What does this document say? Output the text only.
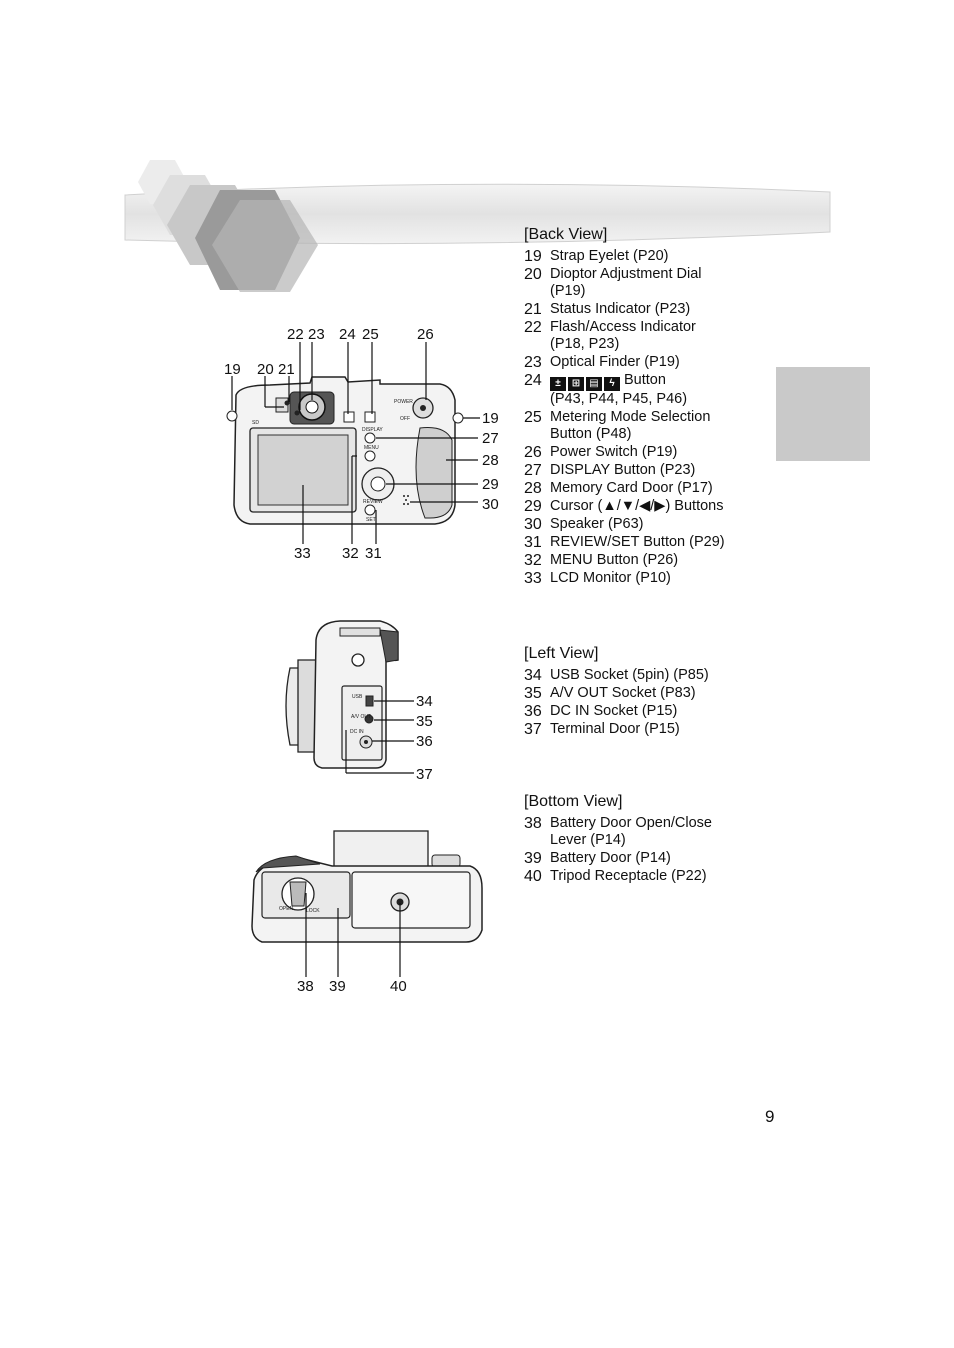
19 20 21
22 23 24 25	26
19
27
28
29
30
33 32 31
SD
POWER
OFF
DISPLAY
MENU
REVIEW
SET
34
35
36
37
USB
A/V OUT
DC IN
38 39	40
OPEN	LOCK
[Back View]
19 Strap Eyelet (P20)
20 Dioptor Adjustment Dial
(P19)
21 Status Indicator (P23)
22 Flash/Access Indicator
(P18, P23)
23 Optical Finder (P19)
24	±	⊞ ▤	ϟ Button
(P43, P44, P45, P46)
25 Metering Mode Selection
Button (P48)
26 Power Switch (P19)
27 DISPLAY Button (P23)
28 Memory Card Door (P17)
29 Cursor (▲/▼/◀/▶) Buttons
30 Speaker (P63)
31 REVIEW/SET Button (P29)
32 MENU Button (P26)
33 LCD Monitor (P10)
[Left View]
34 USB Socket (5pin) (P85)
35 A/V OUT Socket (P83)
36 DC IN Socket (P15)
37 Terminal Door (P15)
[Bottom View]
38 Battery Door Open/Close
Lever (P14)
39 Battery Door (P14)
40 Tripod Receptacle (P22)
9
